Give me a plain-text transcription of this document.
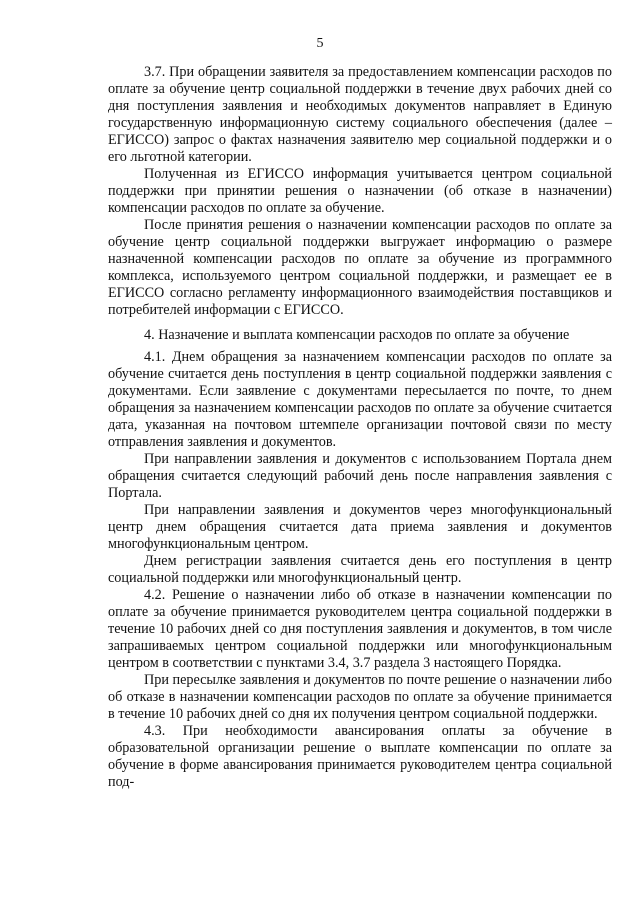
5

3.7. При обращении заявителя за предоставлением компенсации расходов по оплате за обучение центр социальной поддержки в течение двух рабочих дней со дня поступления заявления и необходимых документов направляет в Единую государственную информационную систему социального обеспечения (далее – ЕГИССО) запрос о фактах назначения заявителю мер социальной поддержки и о его льготной категории.

Полученная из ЕГИССО информация учитывается центром социальной поддержки при принятии решения о назначении (об отказе в назначении) компенсации расходов по оплате за обучение.

После принятия решения о назначении компенсации расходов по оплате за обучение центр социальной поддержки выгружает информацию о размере назначенной компенсации расходов по оплате за обучение из программного комплекса, используемого центром социальной поддержки, и размещает ее в ЕГИССО согласно регламенту информационного взаимодействия поставщиков и потребителей информации с ЕГИССО.

4. Назначение и выплата компенсации расходов по оплате за обучение

4.1. Днем обращения за назначением компенсации расходов по оплате за обучение считается день поступления в центр социальной поддержки заявления с документами. Если заявление с документами пересылается по почте, то днем обращения за назначением компенсации расходов по оплате за обучение считается дата, указанная на почтовом штемпеле организации почтовой связи по месту отправления заявления и документов.

При направлении заявления и документов с использованием Портала днем обращения считается следующий рабочий день после направления заявления с Портала.

При направлении заявления и документов через многофункциональный центр днем обращения считается дата приема заявления и документов многофункциональным центром.

Днем регистрации заявления считается день его поступления в центр социальной поддержки или многофункциональный центр.

4.2. Решение о назначении либо об отказе в назначении компенсации по оплате за обучение принимается руководителем центра социальной поддержки в течение 10 рабочих дней со дня поступления заявления и документов, в том числе запрашиваемых центром социальной поддержки или многофункциональным центром в соответствии с пунктами 3.4, 3.7 раздела 3 настоящего Порядка.

При пересылке заявления и документов по почте решение о назначении либо об отказе в назначении компенсации расходов по оплате за обучение принимается в течение 10 рабочих дней со дня их получения центром социальной поддержки.

4.3. При необходимости авансирования оплаты за обучение в образовательной организации решение о выплате компенсации по оплате за обучение в форме авансирования принимается руководителем центра социальной под-
